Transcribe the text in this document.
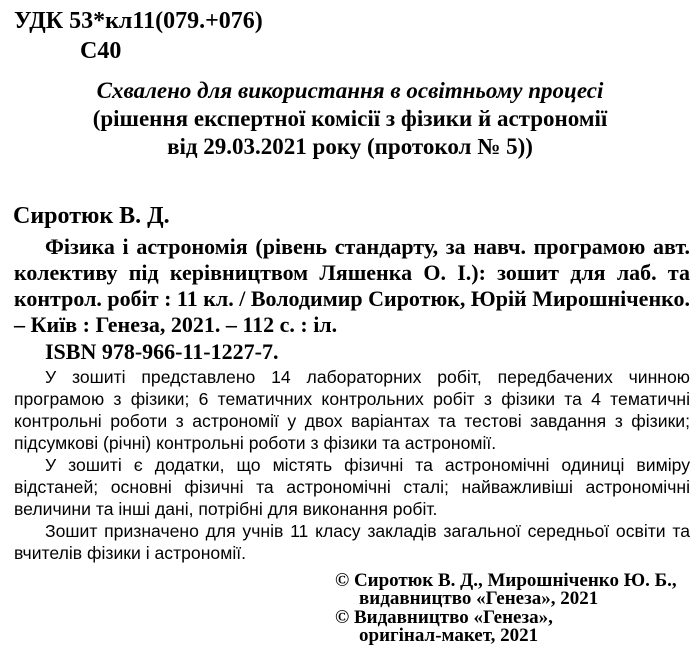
УДК 53*кл11(079.+076)
С40
Схвалено для використання в освітньому процесі
(рішення експертної комісії з фізики й астрономії
від 29.03.2021 року (протокол № 5))
Сиротюк В. Д.

Фізика і астрономія (рівень стандарту, за навч. програмою авт. колективу під керівництвом Ляшенка О. І.): зошит для лаб. та контрол. робіт : 11 кл. / Володимир Сиротюк, Юрій Мирошніченко. – Київ : Генеза, 2021. – 112 с. : іл.

ISBN 978-966-11-1227-7.

У зошиті представлено 14 лабораторних робіт, передбачених чинною програмою з фізики; 6 тематичних контрольних робіт з фізики та 4 тематичні контрольні роботи з астрономії у двох варіантах та тестові завдання з фізики; підсумкові (річні) контрольні роботи з фізики та астрономії.

У зошиті є додатки, що містять фізичні та астрономічні одиниці виміру відстаней; основні фізичні та астрономічні сталі; найважливіші астрономічні величини та інші дані, потрібні для виконання робіт.

Зошит призначено для учнів 11 класу закладів загальної середньої освіти та вчителів фізики і астрономії.

© Сиротюк В. Д., Мирошніченко Ю. Б.,
видавництво «Генеза», 2021
© Видавництво «Генеза»,
оригінал-макет, 2021
